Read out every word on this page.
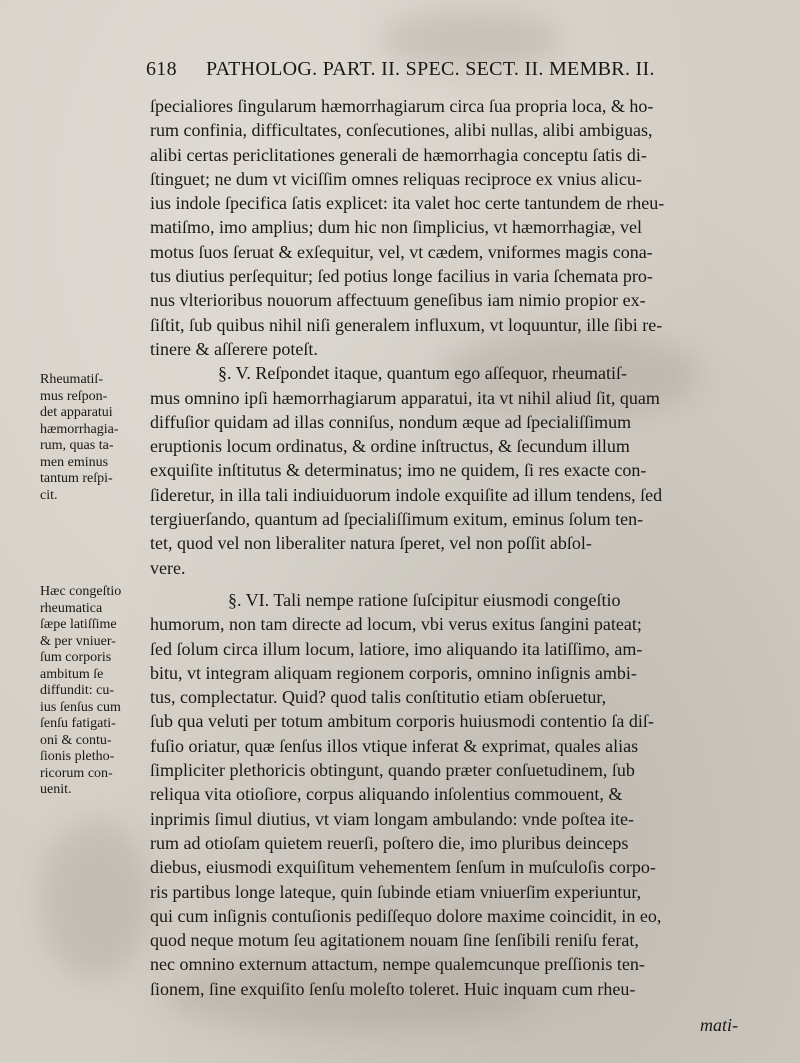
618 PATHOLOG. PART. II. SPEC. SECT. II. MEMBR. II.
ſpecialiores ſingularum hæmorrhagiarum circa ſua propria loca, & ho-
rum confinia, difficultates, conſecutiones, alibi nullas, alibi ambiguas,
alibi certas periclitationes generali de hæmorrhagia conceptu ſatis di-
ſtinguet; ne dum vt viciſſim omnes reliquas reciproce ex vnius alicu-
ius indole ſpecifica ſatis explicet: ita valet hoc certe tantundem de rheu-
matiſmo, imo amplius; dum hic non ſimplicius, vt hæmorrhagiæ, vel
motus ſuos ſeruat & exſequitur, vel, vt cædem, vniformes magis cona-
tus diutius perſequitur; ſed potius longe facilius in varia ſchemata pro-
nus vlterioribus nouorum affectuum geneſibus iam nimio propior ex-
ſiſtit, ſub quibus nihil niſi generalem influxum, vt loquuntur, ille ſibi re-
tinere & aſſerere poteſt.
§. V. Reſpondet itaque, quantum ego aſſequor, rheumatiſ-
mus omnino ipſi hæmorrhagiarum apparatui, ita vt nihil aliud ſit, quam
diffuſior quidam ad illas conniſus, nondum æque ad ſpecialiſſimum
eruptionis locum ordinatus, & ordine inſtructus, & ſecundum illum
exquiſite inſtitutus & determinatus; imo ne quidem, ſi res exacte con-
ſideretur, in illa tali indiuiduorum indole exquiſite ad illum tendens, ſed
tergiuerſando, quantum ad ſpecialiſſimum exitum, eminus ſolum ten-
tet, quod vel non liberaliter natura ſperet, vel non poſſit abſol-
vere.
§. VI. Tali nempe ratione ſuſcipitur eiusmodi congeſtio
humorum, non tam directe ad locum, vbi verus exitus ſangini pateat;
ſed ſolum circa illum locum, latiore, imo aliquando ita latiſſimo, am-
bitu, vt integram aliquam regionem corporis, omnino inſignis ambi-
tus, complectatur. Quid? quod talis conſtitutio etiam obſeruetur,
ſub qua veluti per totum ambitum corporis huiusmodi contentio ſa diſ-
fuſio oriatur, quæ ſenſus illos vtique inferat & exprimat, quales alias
ſimpliciter plethoricis obtingunt, quando præter conſuetudinem, ſub
reliqua vita otioſiore, corpus aliquando inſolentius commouent, &
inprimis ſimul diutius, vt viam longam ambulando: vnde poſtea ite-
rum ad otioſam quietem reuerſi, poſtero die, imo pluribus deinceps
diebus, eiusmodi exquiſitum vehementem ſenſum in muſculoſis corpo-
ris partibus longe lateque, quin ſubinde etiam vniuerſim experiuntur,
qui cum inſignis contuſionis pediſſequo dolore maxime coincidit, in eo,
quod neque motum ſeu agitationem nouam ſine ſenſibili reniſu ferat,
nec omnino externum attactum, nempe qualemcunque preſſionis ten-
ſionem, ſine exquiſito ſenſu moleſto toleret. Huic inquam cum rheu-
mati-
Rheumatiſ-
mus reſpon-
det apparatui
hæmorrhagia-
rum, quas ta-
men eminus
tantum reſpi-
cit.
Hæc congeſtio
rheumatica
ſæpe latiſſime
& per vniuer-
ſum corporis
ambitum ſe
diffundit: cu-
ius ſenſus cum
ſenſu fatigati-
oni & contu-
ſionis pletho-
ricorum con-
uenit.
